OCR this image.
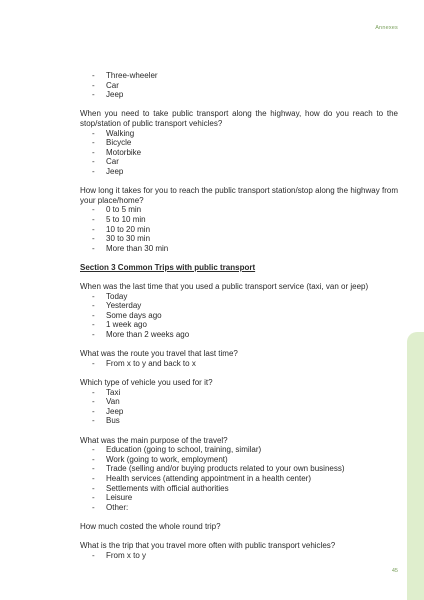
Annexes
- Three-wheeler
- Car
- Jeep

When you need to take public transport along the highway, how do you reach to the stop/station of public transport vehicles?

- Walking
- Bicycle
- Motorbike
- Car
- Jeep

How long it takes for you to reach the public transport station/stop along the highway from your place/home?

- 0 to 5 min
- 5 to 10 min
- 10 to 20 min
- 30 to 30 min
- More than 30 min

Section 3 Common Trips with public transport

When was the last time that you used a public transport service (taxi, van or jeep)

- Today
- Yesterday
- Some days ago
- 1 week ago
- More than 2 weeks ago

What was the route you travel that last time?

- From x to y and back to x

Which type of vehicle you used for it?

- Taxi
- Van
- Jeep
- Bus

What was the main purpose of the travel?

- Education (going to school, training, similar)
- Work (going to work, employment)
- Trade (selling and/or buying products related to your own business)
- Health services (attending appointment in a health center)
- Settlements with official authorities
- Leisure
- Other:

How much costed the whole round trip?

What is the trip that you travel more often with public transport vehicles?

- From x to y
45
